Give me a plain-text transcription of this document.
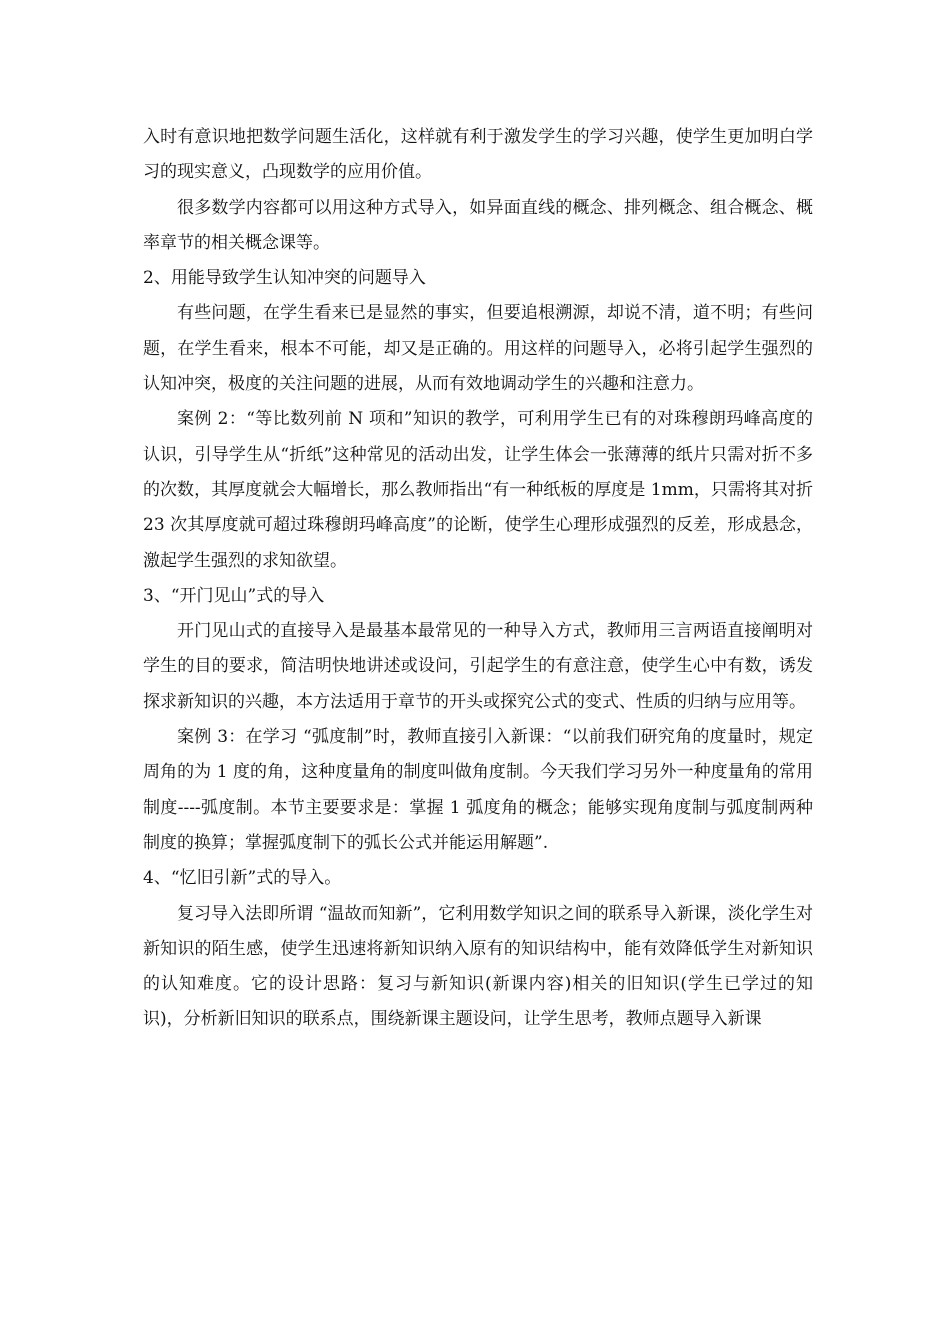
入时有意识地把数学问题生活化，这样就有利于激发学生的学习兴趣，使学生更加明白学习的现实意义，凸现数学的应用价值。

很多数学内容都可以用这种方式导入，如异面直线的概念、排列概念、组合概念、概率章节的相关概念课等。

2、用能导致学生认知冲突的问题导入

有些问题，在学生看来已是显然的事实，但要追根溯源，却说不清，道不明；有些问题，在学生看来，根本不可能，却又是正确的。用这样的问题导入，必将引起学生强烈的认知冲突，极度的关注问题的进展，从而有效地调动学生的兴趣和注意力。

案例 2：“等比数列前 N 项和”知识的教学，可利用学生已有的对珠穆朗玛峰高度的认识，引导学生从“折纸”这种常见的活动出发，让学生体会一张薄薄的纸片只需对折不多的次数，其厚度就会大幅增长，那么教师指出“有一种纸板的厚度是 1mm，只需将其对折 23 次其厚度就可超过珠穆朗玛峰高度”的论断，使学生心理形成强烈的反差，形成悬念，激起学生强烈的求知欲望。

3、“开门见山”式的导入

开门见山式的直接导入是最基本最常见的一种导入方式，教师用三言两语直接阐明对学生的目的要求，简洁明快地讲述或设问，引起学生的有意注意，使学生心中有数，诱发探求新知识的兴趣，本方法适用于章节的开头或探究公式的变式、性质的归纳与应用等。

案例 3：在学习 “弧度制”时，教师直接引入新课：“以前我们研究角的度量时，规定周角的为 1 度的角，这种度量角的制度叫做角度制。今天我们学习另外一种度量角的常用制度----弧度制。本节主要要求是：掌握 1 弧度角的概念；能够实现角度制与弧度制两种制度的换算；掌握弧度制下的弧长公式并能运用解题”.

4、“忆旧引新”式的导入。

复习导入法即所谓 “温故而知新”，它利用数学知识之间的联系导入新课，淡化学生对新知识的陌生感，使学生迅速将新知识纳入原有的知识结构中，能有效降低学生对新知识的认知难度。它的设计思路：复习与新知识(新课内容)相关的旧知识(学生已学过的知识)，分析新旧知识的联系点，围绕新课主题设问，让学生思考，教师点题导入新课
